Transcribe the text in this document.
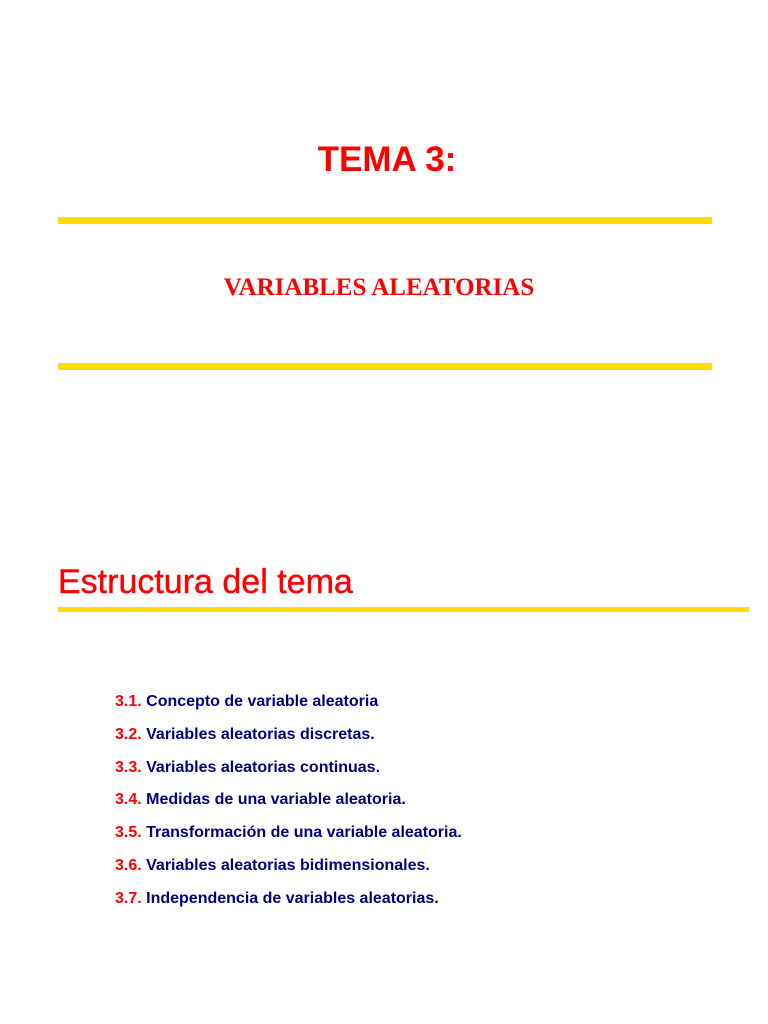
TEMA 3:
VARIABLES ALEATORIAS
Estructura del tema
3.1. Concepto de variable aleatoria
3.2. Variables aleatorias discretas.
3.3. Variables aleatorias continuas.
3.4. Medidas de una variable aleatoria.
3.5. Transformación de una variable aleatoria.
3.6. Variables aleatorias bidimensionales.
3.7. Independencia de variables aleatorias.
